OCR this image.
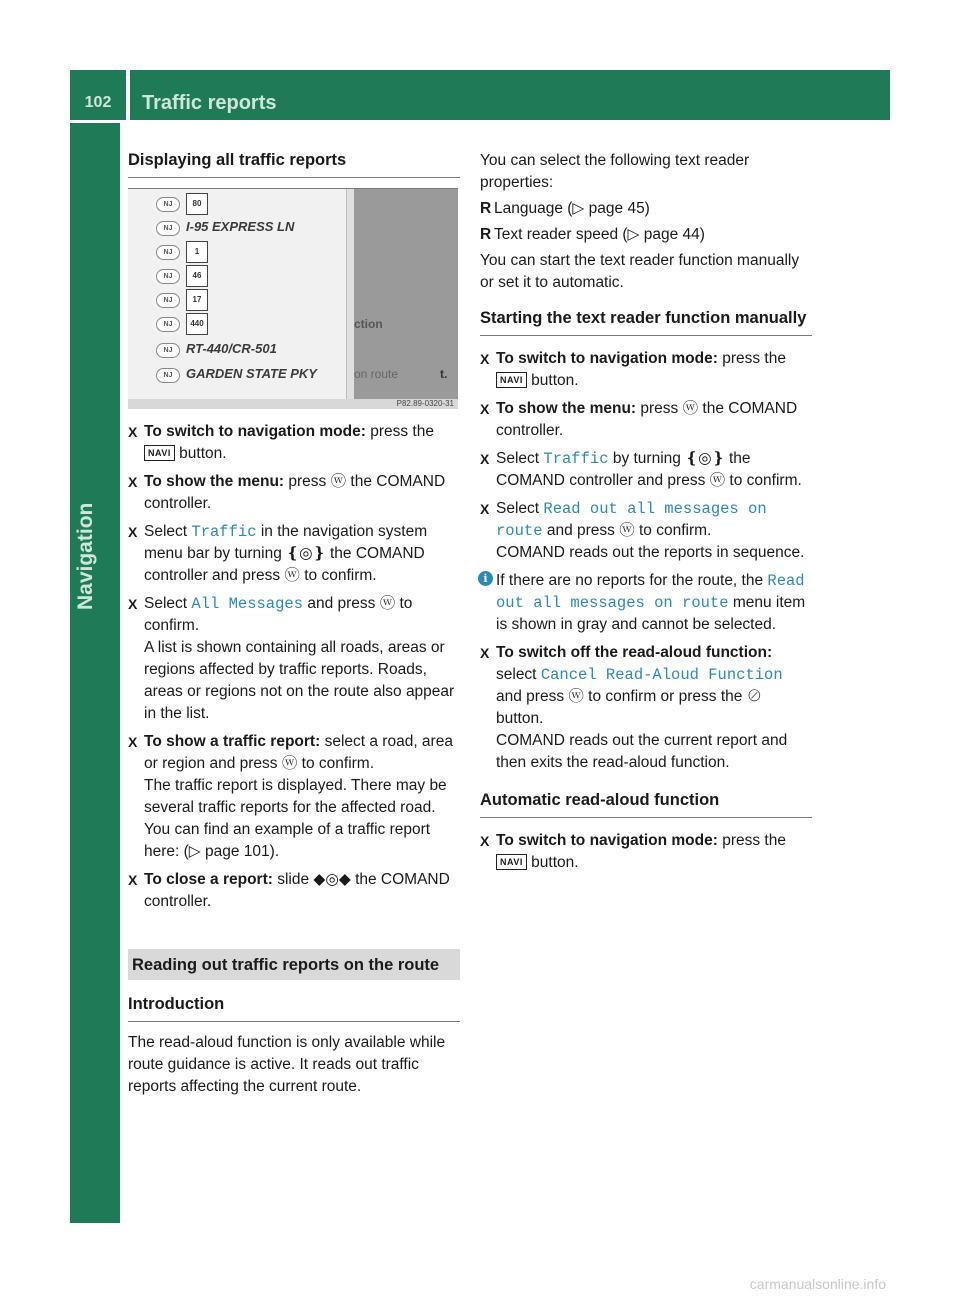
102	Traffic reports
Displaying all traffic reports
NJ	80
NJ	I-95 EXPRESS LN
NJ	1
NJ	46
NJ	17
NJ	440
NJ	RT-440/CR-501
NJ	GARDEN STATE PKY
ction
on route	t.
P82.89-0320-31
X To switch to navigation mode: press the
NAVI button.
X To show the menu: press ⓦ the COMAND controller.
X Select Traffic in the navigation system menu bar by turning ❴◎❵ the COMAND controller and press ⓦ to confirm.
X Select All Messages and press ⓦ to confirm.

A list is shown containing all roads, areas or regions affected by traffic reports. Roads, areas or regions not on the route also appear in the list.

X To show a traffic report: select a road, area or region and press ⓦ to confirm.

The traffic report is displayed. There may be several traffic reports for the affected road. You can find an example of a traffic report here: (▷ page 101).

X To close a report: slide ◆◎◆ the COMAND controller.
Reading out traffic reports on the route
Introduction

The read-aloud function is only available while route guidance is active. It reads out traffic reports affecting the current route.

You can select the following text reader properties:

R Language (▷ page 45)
R Text reader speed (▷ page 44)

You can start the text reader function manually or set it to automatic.

Starting the text reader function manually
X To switch to navigation mode: press the
NAVI button.
X To show the menu: press ⓦ the COMAND controller.
X Select Traffic by turning ❴◎❵ the COMAND controller and press ⓦ to confirm.
X Select Read out all messages on route and press ⓦ to confirm.

COMAND reads out the reports in sequence.

i If there are no reports for the route, the Read out all messages on route menu item is shown in gray and cannot be selected.
X To switch off the read-aloud function:
select Cancel Read-Aloud Function and press ⓦ to confirm or press the ⊘ button.

COMAND reads out the current report and then exits the read-aloud function.

Automatic read-aloud function
X To switch to navigation mode: press the
NAVI button.
carmanualsonline.info
